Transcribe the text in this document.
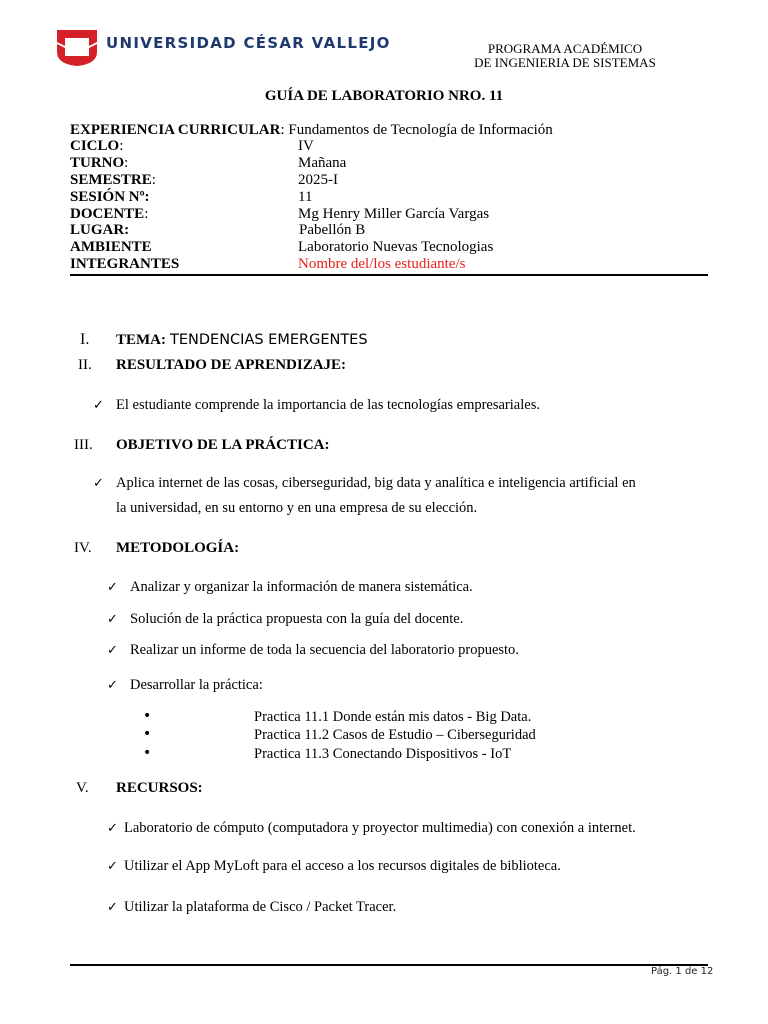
UNIVERSIDAD CÉSAR VALLEJO	PROGRAMA ACADÉMICO
DE INGENIERIA DE SISTEMAS
GUÍA DE LABORATORIO NRO. 11
EXPERIENCIA CURRICULAR: Fundamentos de Tecnología de Información
CICLO:	IV
TURNO:	Mañana
SEMESTRE:	2025-I
SESIÓN Nº:	11
DOCENTE:	Mg Henry Miller García Vargas
LUGAR:	Pabellón B
AMBIENTE	Laboratorio Nuevas Tecnologias
INTEGRANTES	Nombre del/los estudiante/s
I. TEMA: TENDENCIAS EMERGENTES
II. RESULTADO DE APRENDIZAJE:
✓ El estudiante comprende la importancia de las tecnologías empresariales.
III. OBJETIVO DE LA PRÁCTICA:
✓ Aplica internet de las cosas, ciberseguridad, big data y analítica e inteligencia artificial en
la universidad, en su entorno y en una empresa de su elección.
IV. METODOLOGÍA:
✓ Analizar y organizar la información de manera sistemática.
✓ Solución de la práctica propuesta con la guía del docente.
✓ Realizar un informe de toda la secuencia del laboratorio propuesto.
✓ Desarrollar la práctica:
•	Practica 11.1 Donde están mis datos - Big Data.
•	Practica 11.2 Casos de Estudio – Ciberseguridad
•	Practica 11.3 Conectando Dispositivos - IoT
V. RECURSOS:
✓ Laboratorio de cómputo (computadora y proyector multimedia) con conexión a internet.
✓ Utilizar el App MyLoft para el acceso a los recursos digitales de biblioteca.
✓ Utilizar la plataforma de Cisco / Packet Tracer.
Pág. 1 de 12
